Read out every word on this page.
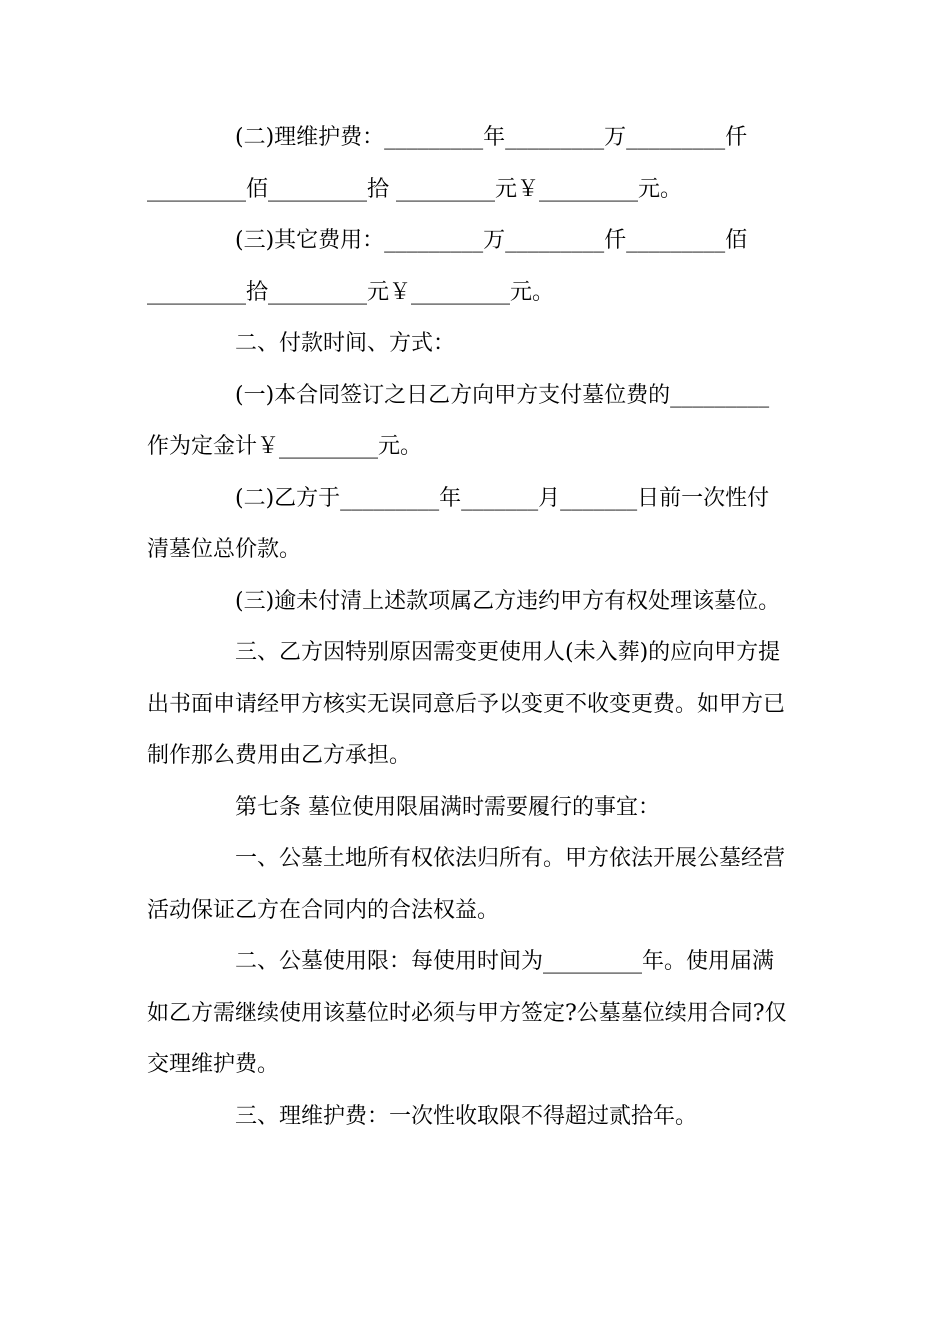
(二)理维护费：_________年_________万_________仟
_________佰_________拾 _________元￥_________元。
(三)其它费用：_________万_________仟_________佰
_________拾_________元￥_________元。
二、付款时间、方式：
(一)本合同签订之日乙方向甲方支付墓位费的_________
作为定金计￥_________元。
(二)乙方于_________年_______月_______日前一次性付
清墓位总价款。
(三)逾未付清上述款项属乙方违约甲方有权处理该墓位。
三、乙方因特别原因需变更使用人(未入葬)的应向甲方提
出书面申请经甲方核实无误同意后予以变更不收变更费。如甲方已
制作那么费用由乙方承担。
第七条 墓位使用限届满时需要履行的事宜：
一、公墓土地所有权依法归所有。甲方依法开展公墓经营
活动保证乙方在合同内的合法权益。
二、公墓使用限：每使用时间为_________年。使用届满
如乙方需继续使用该墓位时必须与甲方签定?公墓墓位续用合同?仅
交理维护费。
三、理维护费：一次性收取限不得超过贰拾年。
